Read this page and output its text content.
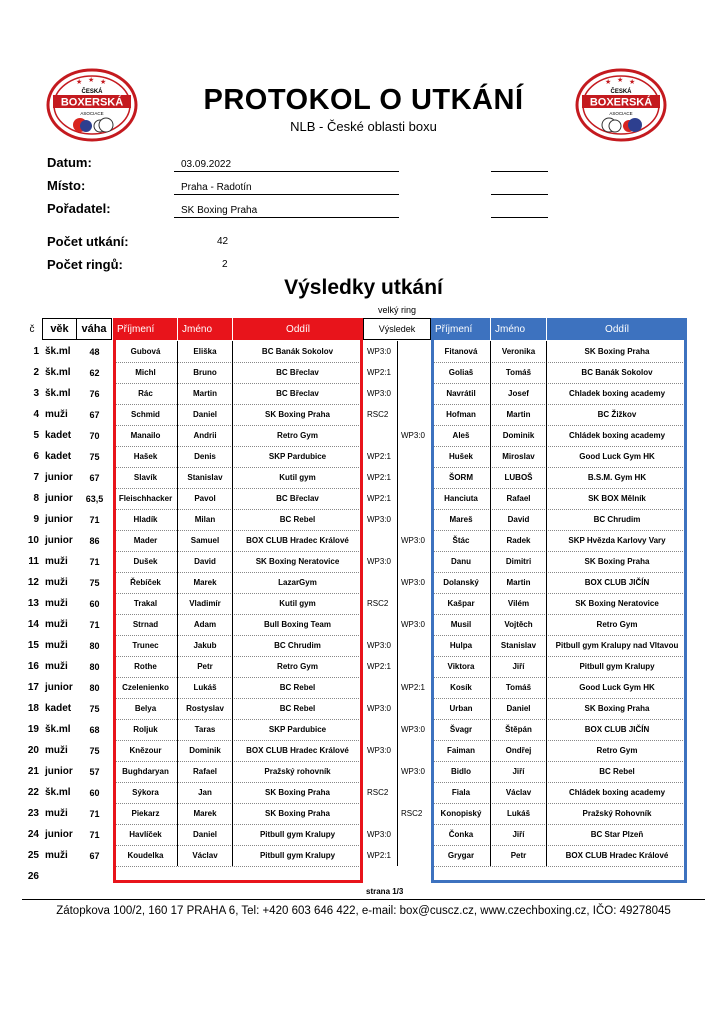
★ ★ ★
ČESKÁ
BOXERSKÁ
ASOCIACE
★ ★ ★
ČESKÁ
BOXERSKÁ
ASOCIACE
PROTOKOL O UTKÁNÍ
NLB - České oblasti boxu
Datum:	03.09.2022
Místo:	Praha - Radotín
Pořadatel:	SK Boxing Praha
Počet utkání:	42
Počet ringů:	2
Výsledky utkání
velký ring
č	věk	váha	Příjmení	Jméno	Oddíl	Výsledek	Příjmení	Jméno	Oddíl
1 šk.ml	48	Gubová	Eliška	BC Banák Sokolov	WP3:0	Fitanová	Veronika	SK Boxing Praha
2 šk.ml	62	Michl	Bruno	BC Břeclav	WP2:1	Goliaš	Tomáš	BC Banák Sokolov
3 šk.ml	76	Rác	Martin	BC Břeclav	WP3:0	Navrátil	Josef	Chladek boxing academy
4 muži	67	Schmid	Daniel	SK Boxing Praha	RSC2	Hofman	Martin	BC Žižkov
5 kadet	70	Manailo	Andrii	Retro Gym	WP3:0	Aleš	Dominik	Chládek boxing academy
6 kadet	75	Hašek	Denis	SKP Pardubice	WP2:1	Hušek	Miroslav	Good Luck Gym HK
7 junior	67	Slavík	Stanislav	Kutil gym	WP2:1	ŠORM	LUBOŠ	B.S.M. Gym HK
8 junior	63,5	Fleischhacker	Pavol	BC Břeclav	WP2:1	Hanciuta	Rafael	SK BOX Mělník
9 junior	71	Hladík	Milan	BC Rebel	WP3:0	Mareš	David	BC Chrudim
10 junior	86	Mader	Samuel	BOX CLUB Hradec Králové	WP3:0	Štác	Radek	SKP Hvězda Karlovy Vary
11 muži	71	Dušek	David	SK Boxing Neratovice	WP3:0	Danu	Dimitri	SK Boxing Praha
12 muži	75	Řebíček	Marek	LazarGym	WP3:0	Dolanský	Martin	BOX CLUB JIČÍN
13 muži	60	Trakal	Vladimír	Kutil gym	RSC2	Kašpar	Vilém	SK Boxing Neratovice
14 muži	71	Strnad	Adam	Bull Boxing Team	WP3:0	Musil	Vojtěch	Retro Gym
15 muži	80	Trunec	Jakub	BC Chrudim	WP3:0	Hulpa	Stanislav	Pitbull gym Kralupy nad Vltavou
16 muži	80	Rothe	Petr	Retro Gym	WP2:1	Viktora	Jiří	Pitbull gym Kralupy
17 junior	80	Czelenienko	Lukáš	BC Rebel	WP2:1	Kosík	Tomáš	Good Luck Gym HK
18 kadet	75	Belya	Rostyslav	BC Rebel	WP3:0	Urban	Daniel	SK Boxing Praha
19 šk.ml	68	Roljuk	Taras	SKP Pardubice	WP3:0	Švagr	Štěpán	BOX CLUB JIČÍN
20 muži	75	Knězour	Dominik	BOX CLUB Hradec Králové	WP3:0	Faiman	Ondřej	Retro Gym
21 junior	57	Bughdaryan	Rafael	Pražský rohovník	WP3:0	Bidlo	Jiří	BC Rebel
22 šk.ml	60	Sýkora	Jan	SK Boxing Praha	RSC2	Fiala	Václav	Chládek boxing academy
23 muži	71	Piekarz	Marek	SK Boxing Praha	RSC2	Konopiský	Lukáš	Pražský Rohovník
24 junior	71	Havlíček	Daniel	Pitbull gym Kralupy	WP3:0	Čonka	Jiří	BC Star Plzeň
25 muži	67	Koudelka	Václav	Pitbull gym Kralupy	WP2:1	Grygar	Petr	BOX CLUB Hradec Králové
26
strana 1/3
Zátopkova 100/2, 160 17 PRAHA 6, Tel: +420 603 646 422, e-mail: box@cuscz.cz, www.czechboxing.cz, IČO: 49278045
